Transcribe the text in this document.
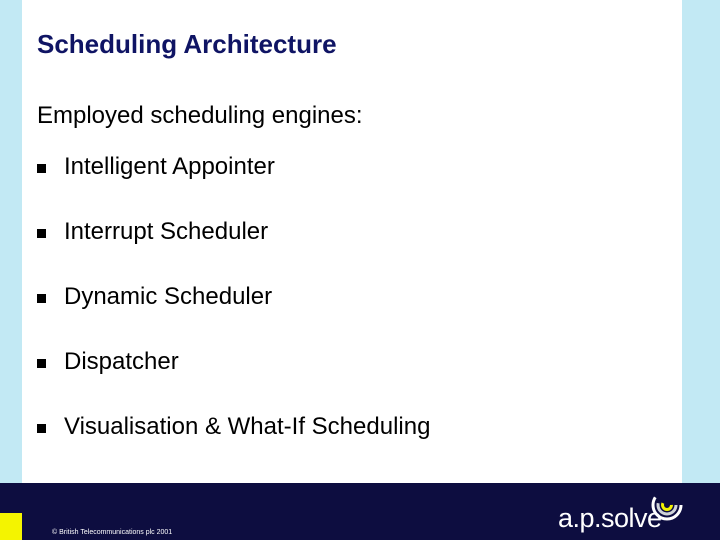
Scheduling Architecture
Employed scheduling engines:
Intelligent Appointer
Interrupt Scheduler
Dynamic Scheduler
Dispatcher
Visualisation & What-If Scheduling
© British Telecommunications plc 2001	a.p.solve
